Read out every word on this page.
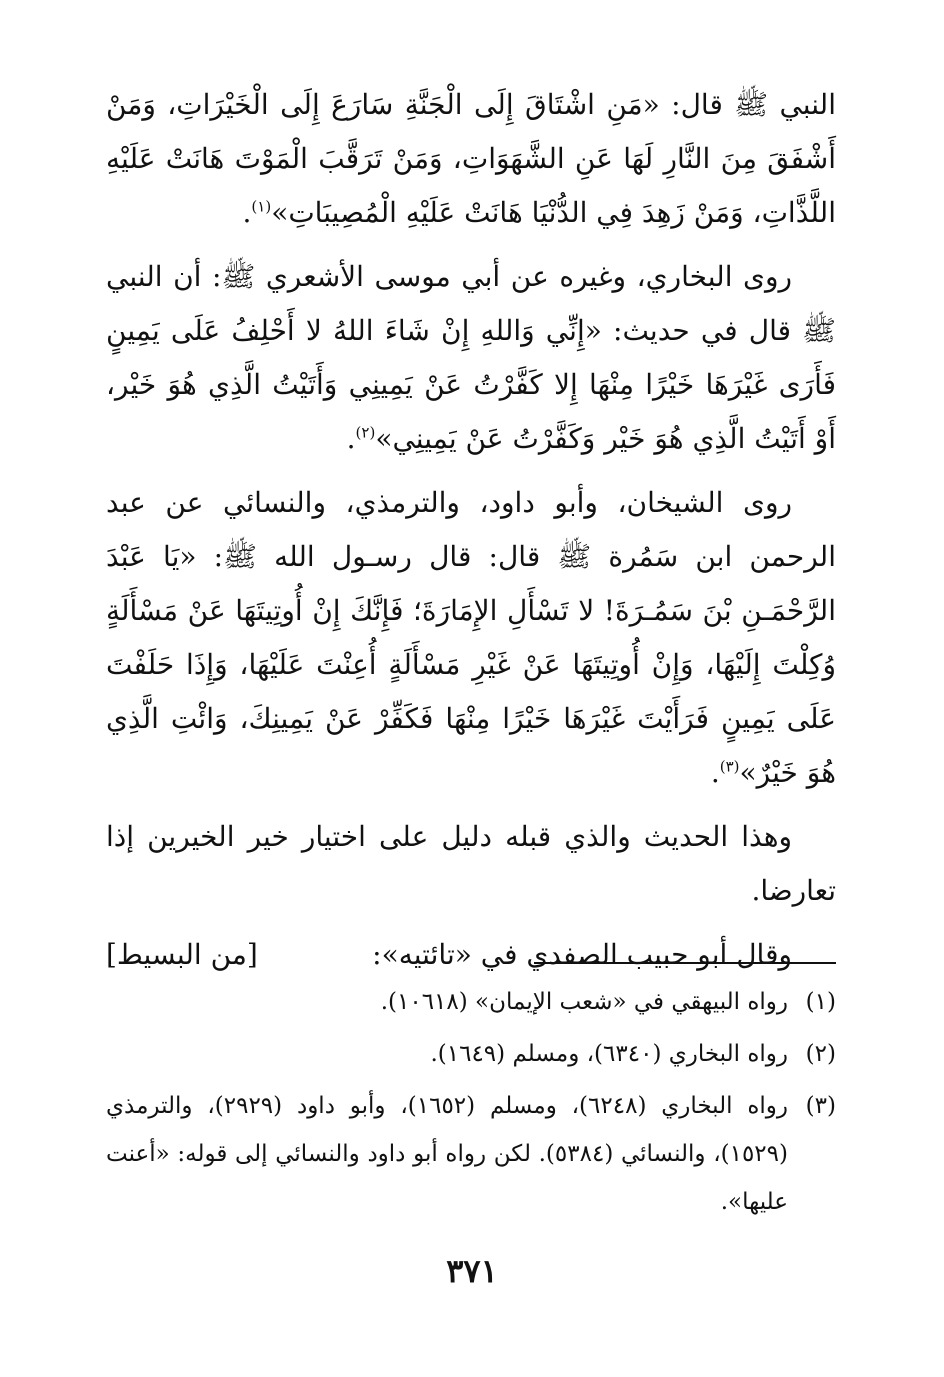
النبي ﷺ قال: «مَنِ اشْتَاقَ إِلَى الْجَنَّةِ سَارَعَ إِلَى الْخَيْرَاتِ، وَمَنْ أَشْفَقَ مِنَ النَّارِ لَهَا عَنِ الشَّهَوَاتِ، وَمَنْ تَرَقَّبَ الْمَوْتَ هَانَتْ عَلَيْهِ اللَّذَّاتِ، وَمَنْ زَهِدَ فِي الدُّنْيَا هَانَتْ عَلَيْهِ الْمُصِيبَاتِ»$^{(١)}$.

روى البخاري، وغيره عن أبي موسى الأشعري ﷺ: أن النبي ﷺ قال في حديث: «إِنِّي وَاللهِ إِنْ شَاءَ اللهُ لا أَحْلِفُ عَلَى يَمِينٍ فَأَرَى غَيْرَهَا خَيْرًا مِنْهَا إِلا كَفَّرْتُ عَنْ يَمِينِي وَأَتَيْتُ الَّذِي هُوَ خَيْر، أَوْ أَتَيْتُ الَّذِي هُوَ خَيْر وَكَفَّرْتُ عَنْ يَمِينِي»$^{(٢)}$.

روى الشيخان، وأبو داود، والترمذي، والنسائي عن عبد الرحمن ابن سَمُرة ﷺ قال: قال رسـول الله ﷺ: «يَا عَبْدَ الرَّحْمَـنِ بْنَ سَمُـرَةَ! لا تَسْأَلِ الإِمَارَةَ؛ فَإِنَّكَ إِنْ أُوتِيتَهَا عَنْ مَسْأَلَةٍ وُكِلْتَ إِلَيْهَا، وَإِنْ أُوتِيتَهَا عَنْ غَيْرِ مَسْأَلَةٍ أُعِنْتَ عَلَيْهَا، وَإِذَا حَلَفْتَ عَلَى يَمِينٍ فَرَأَيْتَ غَيْرَهَا خَيْرًا مِنْهَا فَكَفِّرْ عَنْ يَمِينِكَ، وَائْتِ الَّذِي هُوَ خَيْرٌ»$^{(٣)}$.

وهذا الحديث والذي قبله دليل على اختيار خير الخيرين إذا تعارضا.

وقال أبو حبيب الصفدي في «تائتيه»:
[من البسيط]

(١)
رواه البيهقي في «شعب الإيمان» (١٠٦١٨).
(٢)
رواه البخاري (٦٣٤٠)، ومسلم (١٦٤٩).
(٣)
رواه البخاري (٦٢٤٨)، ومسلم (١٦٥٢)، وأبو داود (٢٩٢٩)، والترمذي (١٥٢٩)، والنسائي (٥٣٨٤). لكن رواه أبو داود والنسائي إلى قوله: «أعنت عليها».
٣٧١
